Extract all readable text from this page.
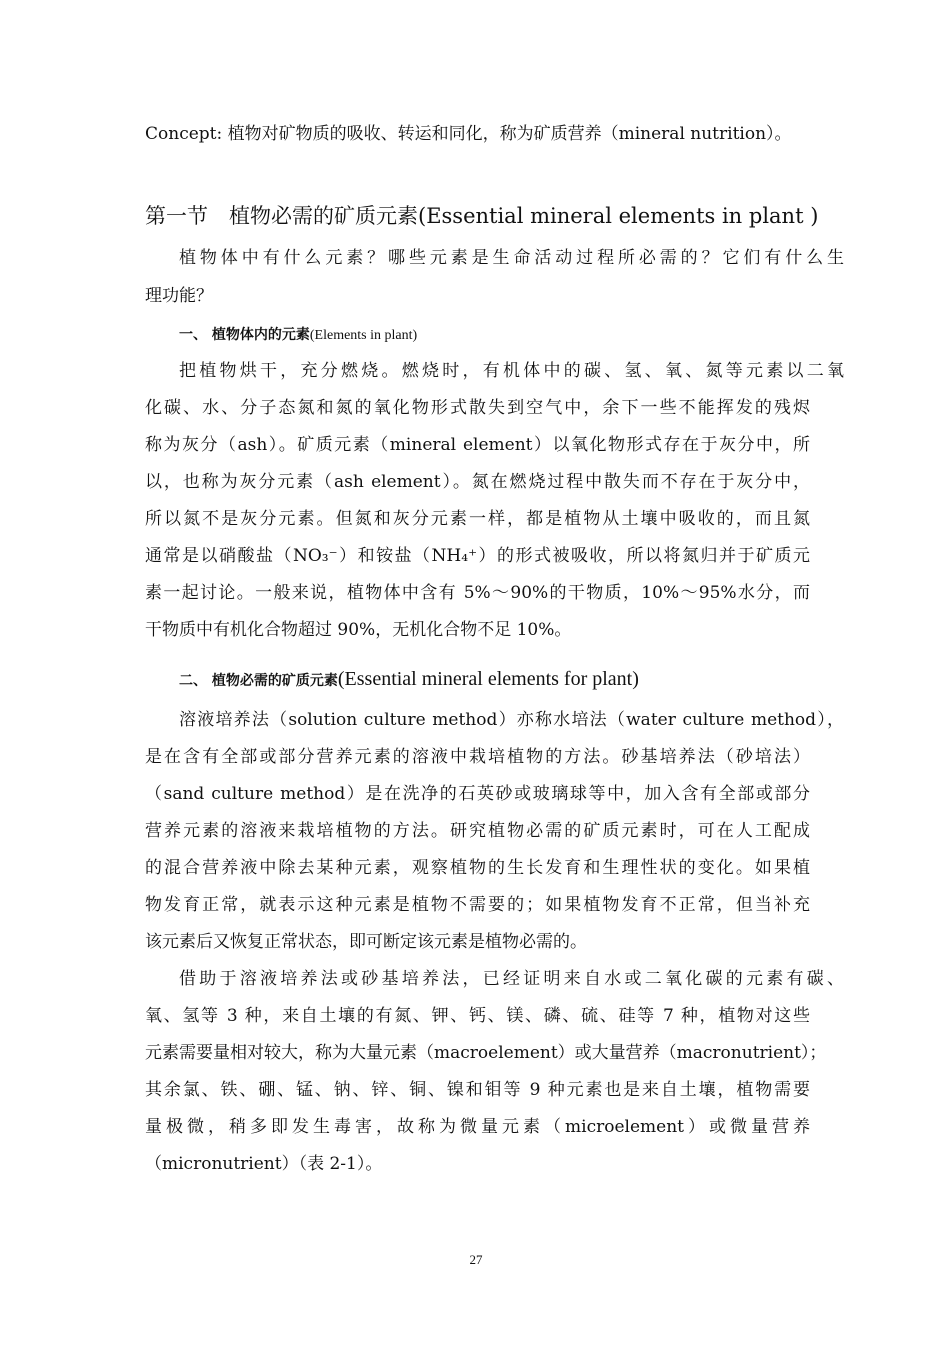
Concept: 植物对矿物质的吸收、转运和同化，称为矿质营养（mineral nutrition）。
第一节　植物必需的矿质元素(Essential mineral elements in plant )
植物体中有什么元素？哪些元素是生命活动过程所必需的？它们有什么生
理功能？
一、 植物体内的元素(Elements in plant)
把植物烘干，充分燃烧。燃烧时，有机体中的碳、氢、氧、氮等元素以二氧
化碳、水、分子态氮和氮的氧化物形式散失到空气中，余下一些不能挥发的残烬
称为灰分（ash）。矿质元素（mineral element）以氧化物形式存在于灰分中，所
以，也称为灰分元素（ash element）。氮在燃烧过程中散失而不存在于灰分中，
所以氮不是灰分元素。但氮和灰分元素一样，都是植物从土壤中吸收的，而且氮
通常是以硝酸盐（NO₃⁻）和铵盐（NH₄⁺）的形式被吸收，所以将氮归并于矿质元
素一起讨论。一般来说，植物体中含有 5%～90%的干物质，10%～95%水分，而
干物质中有机化合物超过 90%，无机化合物不足 10%。
二、 植物必需的矿质元素(Essential mineral elements for plant)
溶液培养法（solution culture method）亦称水培法（water culture method），
是在含有全部或部分营养元素的溶液中栽培植物的方法。砂基培养法（砂培法）
（sand culture method）是在洗净的石英砂或玻璃球等中，加入含有全部或部分
营养元素的溶液来栽培植物的方法。研究植物必需的矿质元素时，可在人工配成
的混合营养液中除去某种元素，观察植物的生长发育和生理性状的变化。如果植
物发育正常，就表示这种元素是植物不需要的；如果植物发育不正常，但当补充
该元素后又恢复正常状态，即可断定该元素是植物必需的。
借助于溶液培养法或砂基培养法，已经证明来自水或二氧化碳的元素有碳、
氧、氢等 3 种，来自土壤的有氮、钾、钙、镁、磷、硫、硅等 7 种，植物对这些
元素需要量相对较大，称为大量元素（macroelement）或大量营养（macronutrient）；
其余氯、铁、硼、锰、钠、锌、铜、镍和钼等 9 种元素也是来自土壤，植物需要
量极微，稍多即发生毒害，故称为微量元素（microelement）或微量营养
（micronutrient）（表 2-1）。
27
